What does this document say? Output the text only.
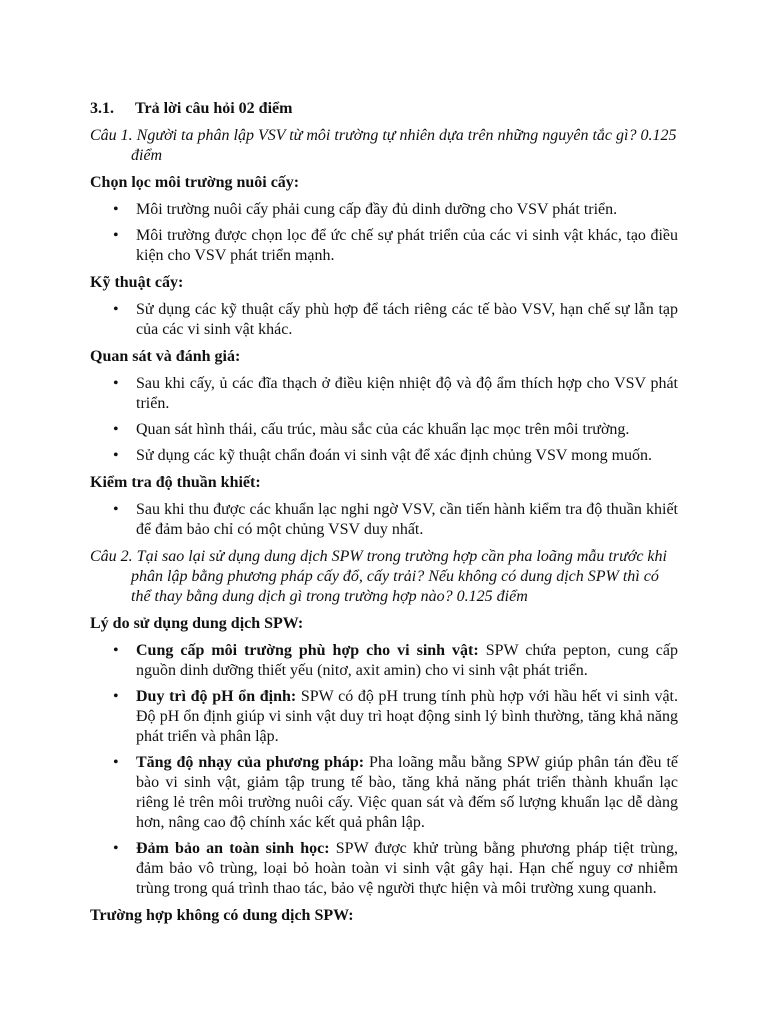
3.1.	Trả lời câu hỏi 02 điểm
Câu 1. Người ta phân lập VSV từ môi trường tự nhiên dựa trên những nguyên tắc gì? 0.125 điểm
Chọn lọc môi trường nuôi cấy:
• Môi trường nuôi cấy phải cung cấp đầy đủ dinh dưỡng cho VSV phát triển.
• Môi trường được chọn lọc để ức chế sự phát triển của các vi sinh vật khác, tạo điều kiện cho VSV phát triển mạnh.
Kỹ thuật cấy:
• Sử dụng các kỹ thuật cấy phù hợp để tách riêng các tế bào VSV, hạn chế sự lẫn tạp của các vi sinh vật khác.
Quan sát và đánh giá:
• Sau khi cấy, ủ các đĩa thạch ở điều kiện nhiệt độ và độ ẩm thích hợp cho VSV phát triển.
• Quan sát hình thái, cấu trúc, màu sắc của các khuẩn lạc mọc trên môi trường.
• Sử dụng các kỹ thuật chẩn đoán vi sinh vật để xác định chủng VSV mong muốn.
Kiểm tra độ thuần khiết:
• Sau khi thu được các khuẩn lạc nghi ngờ VSV, cần tiến hành kiểm tra độ thuần khiết để đảm bảo chỉ có một chủng VSV duy nhất.
Câu 2. Tại sao lại sử dụng dung dịch SPW trong trường hợp cần pha loãng mẫu trước khi phân lập bằng phương pháp cấy đổ, cấy trải? Nếu không có dung dịch SPW thì có thể thay bằng dung dịch gì trong trường hợp nào? 0.125 điểm
Lý do sử dụng dung dịch SPW:
• Cung cấp môi trường phù hợp cho vi sinh vật: SPW chứa pepton, cung cấp nguồn dinh dưỡng thiết yếu (nitơ, axit amin) cho vi sinh vật phát triển.
• Duy trì độ pH ổn định: SPW có độ pH trung tính phù hợp với hầu hết vi sinh vật. Độ pH ổn định giúp vi sinh vật duy trì hoạt động sinh lý bình thường, tăng khả năng phát triển và phân lập.
• Tăng độ nhạy của phương pháp: Pha loãng mẫu bằng SPW giúp phân tán đều tế bào vi sinh vật, giảm tập trung tế bào, tăng khả năng phát triển thành khuẩn lạc riêng lẻ trên môi trường nuôi cấy. Việc quan sát và đếm số lượng khuẩn lạc dễ dàng hơn, nâng cao độ chính xác kết quả phân lập.
• Đảm bảo an toàn sinh học: SPW được khử trùng bằng phương pháp tiệt trùng, đảm bảo vô trùng, loại bỏ hoàn toàn vi sinh vật gây hại. Hạn chế nguy cơ nhiễm trùng trong quá trình thao tác, bảo vệ người thực hiện và môi trường xung quanh.
Trường hợp không có dung dịch SPW:
